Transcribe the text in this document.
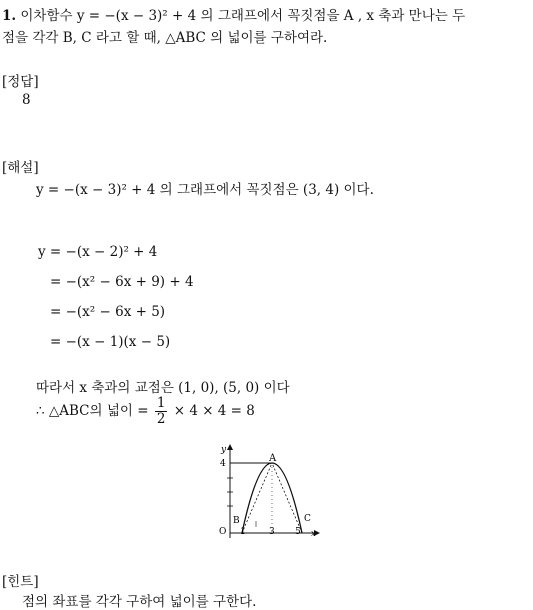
1. 이차함수 y = −(x − 3)² + 4 의 그래프에서 꼭짓점을 A , x 축과 만나는 두
점을 각각 B, C 라고 할 때, △ABC 의 넓이를 구하여라.
[정답]
8
[해설]
y = −(x − 3)² + 4 의 그래프에서 꼭짓점은 (3, 4) 이다.
y = −(x − 2)² + 4
= −(x² − 6x + 9) + 4
= −(x² − 6x + 5)
= −(x − 1)(x − 5)
따라서 x 축과의 교점은 (1, 0), (5, 0) 이다
∴ △ABC의 넓이 = $\frac{1}{2} \times 4 \times 4 = 8$
y
4	A
B	C
O 1	3 5 x
[힌트]
점의 좌표를 각각 구하여 넓이를 구한다.
